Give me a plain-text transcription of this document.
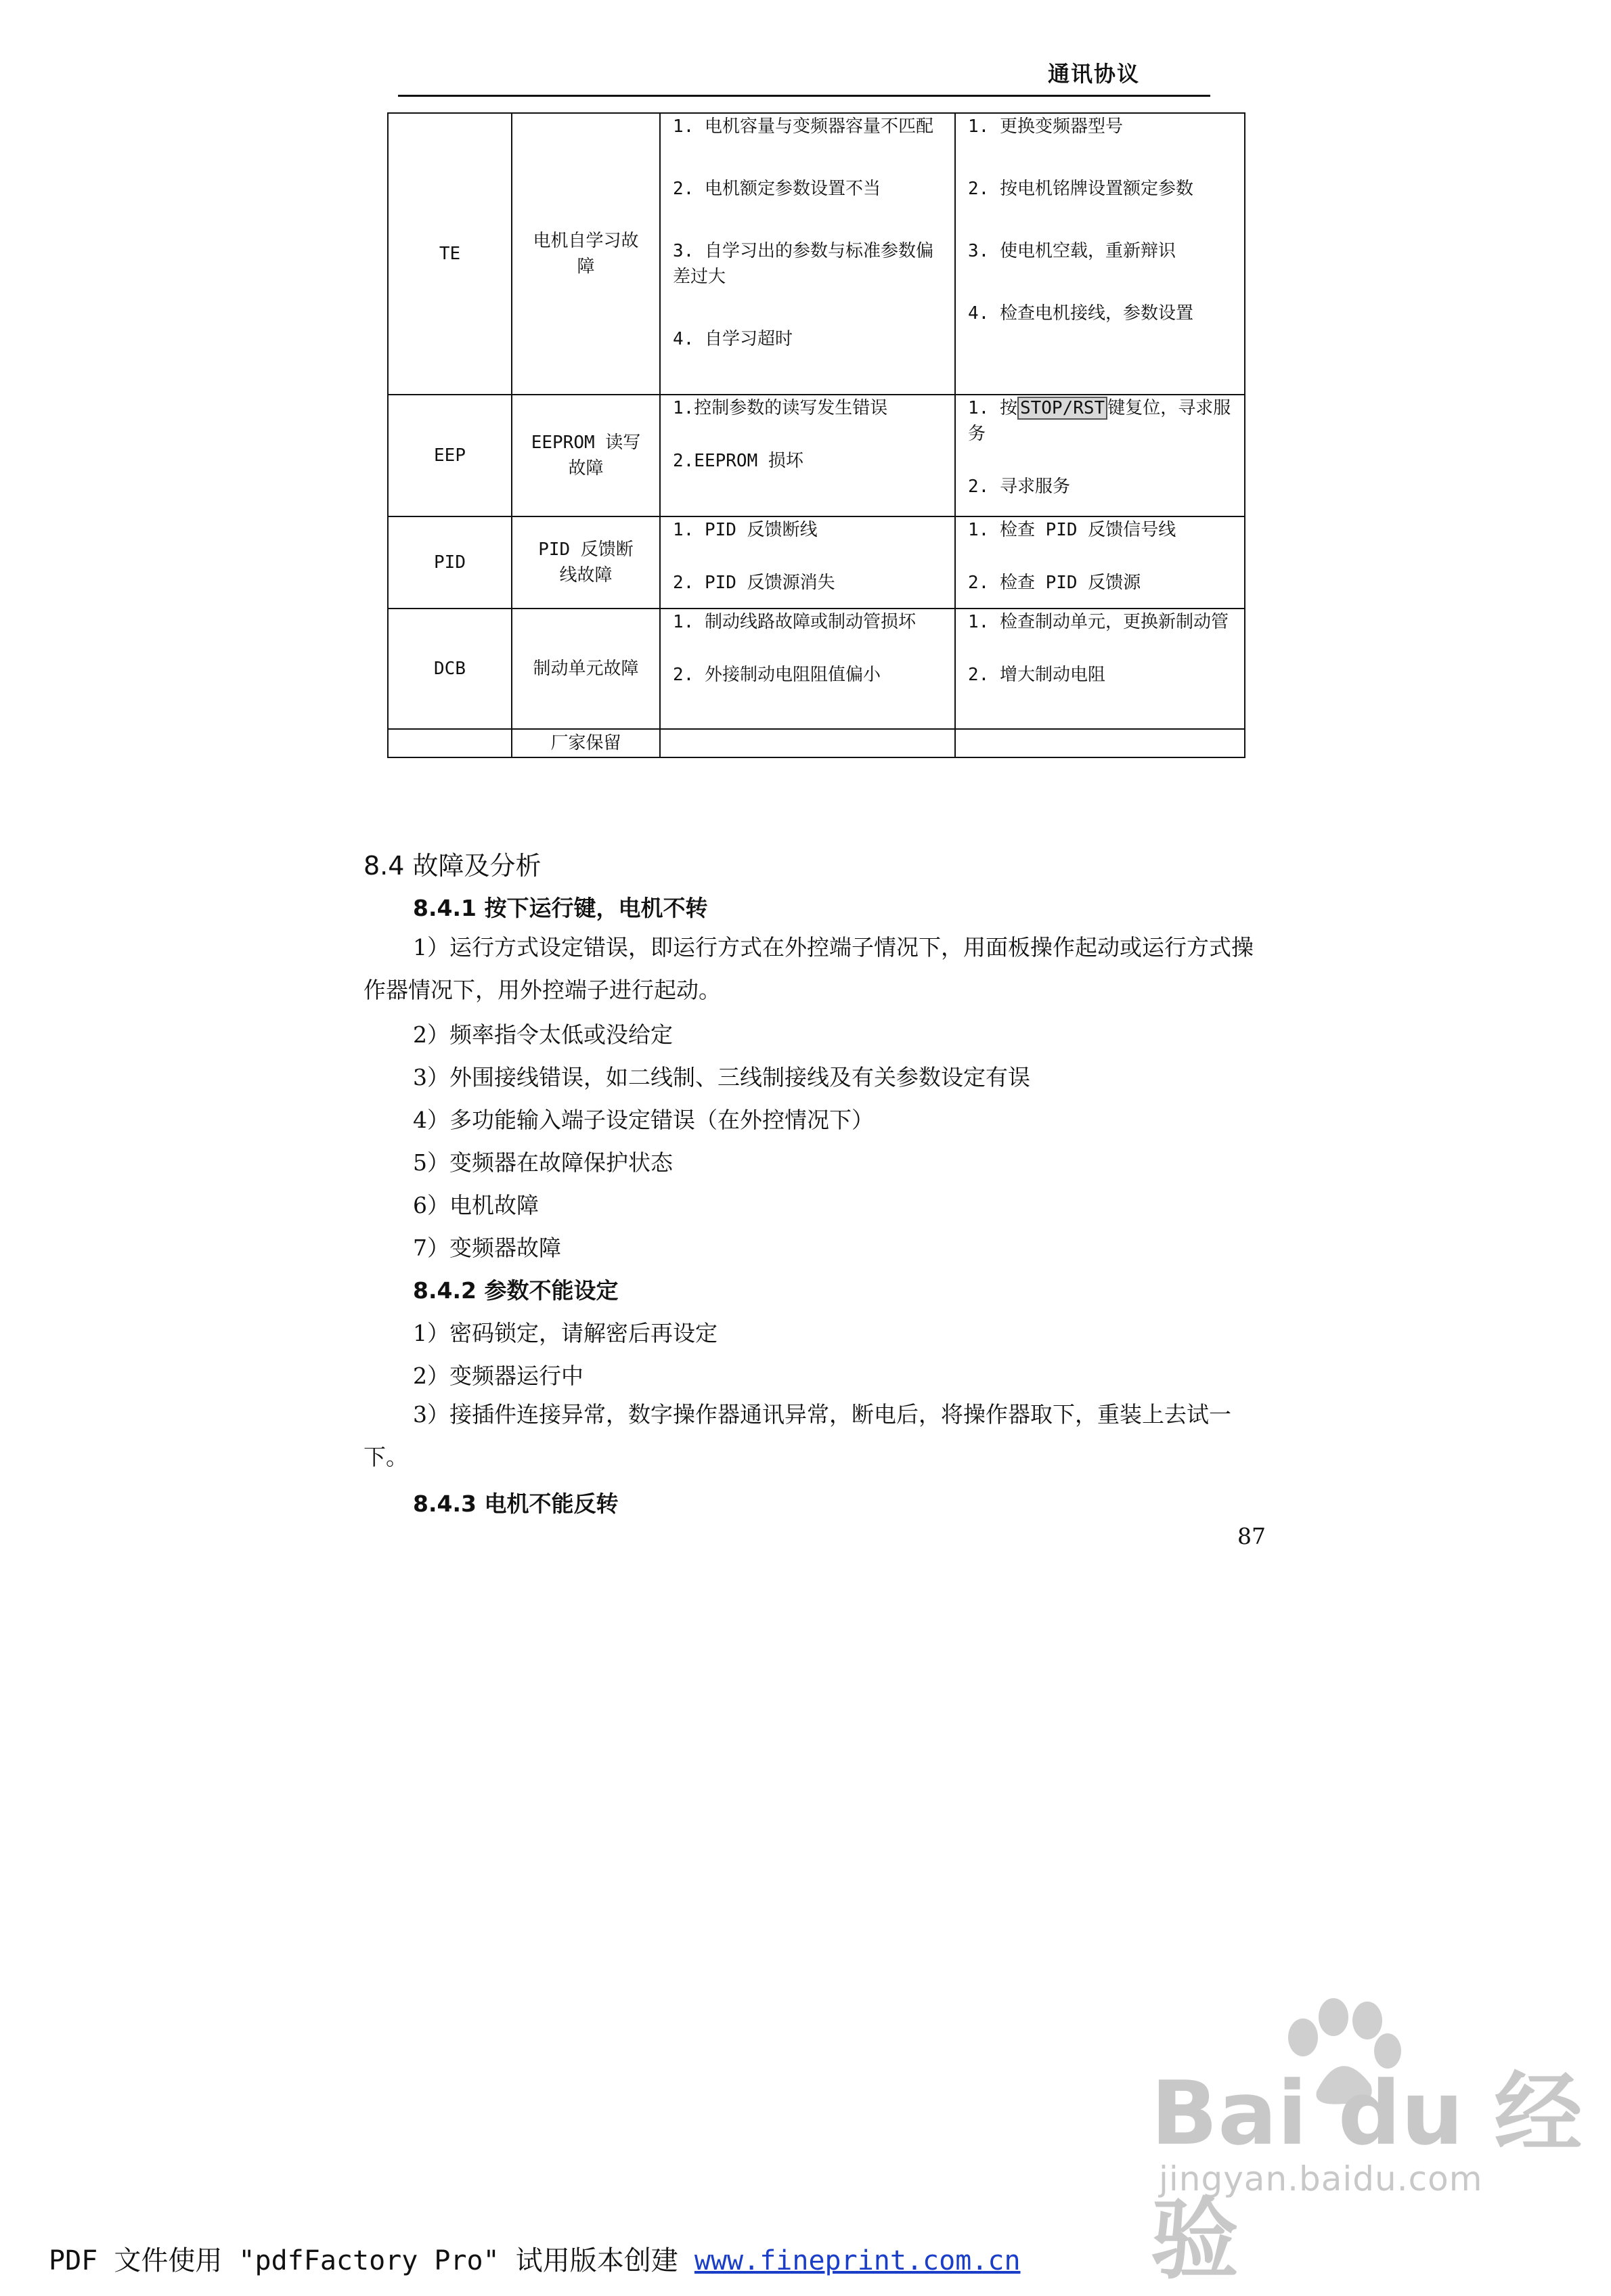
通讯协议
TE	电机自学习故障	1. 电机容量与变频器容量不匹配
2. 电机额定参数设置不当
3. 自学习出的参数与标准参数偏差过大
4. 自学习超时	1. 更换变频器型号
2. 按电机铭牌设置额定参数
3. 使电机空载，重新辩识
4. 检查电机接线，参数设置

EEP	EEPROM 读写故障	1.控制参数的读写发生错误
2.EEPROM 损坏	1. 按 STOP/RST 键复位，寻求服务
2. 寻求服务

PID	PID 反馈断线故障	1. PID 反馈断线
2. PID 反馈源消失	1. 检查 PID 反馈信号线
2. 检查 PID 反馈源

DCB	制动单元故障	1. 制动线路故障或制动管损坏
2. 外接制动电阻阻值偏小	1. 检查制动单元，更换新制动管
2. 增大制动电阻

	厂家保留		
8.4 故障及分析
8.4.1 按下运行键，电机不转
1）运行方式设定错误，即运行方式在外控端子情况下，用面板操作起动或运行方式操作器情况下，用外控端子进行起动。
2）频率指令太低或没给定
3）外围接线错误，如二线制、三线制接线及有关参数设定有误
4）多功能输入端子设定错误（在外控情况下）
5）变频器在故障保护状态
6）电机故障
7）变频器故障
8.4.2 参数不能设定
1）密码锁定，请解密后再设定
2）变频器运行中
3）接插件连接异常，数字操作器通讯异常，断电后，将操作器取下，重装上去试一下。
8.4.3 电机不能反转
87
Bai du 经验
jingyan.baidu.com
PDF 文件使用 "pdfFactory Pro" 试用版本创建 www.fineprint.com.cn
